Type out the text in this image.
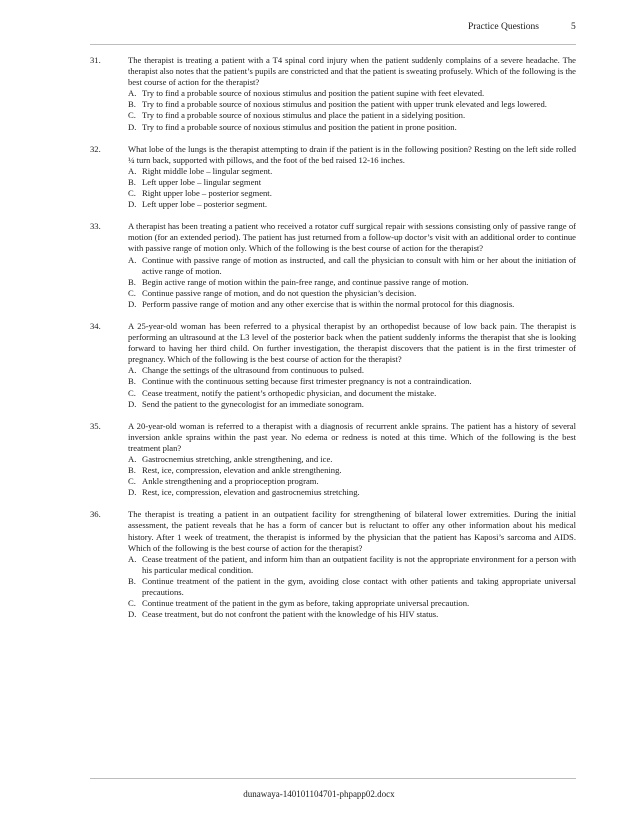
Practice Questions	5
31.	The therapist is treating a patient with a T4 spinal cord injury when the patient suddenly complains of a severe headache. The therapist also notes that the patient’s pupils are constricted and that the patient is sweating profusely. Which of the following is the best course of action for the therapist?

A. Try to find a probable source of noxious stimulus and position the patient supine with feet elevated.
B. Try to find a probable source of noxious stimulus and position the patient with upper trunk elevated and legs lowered.
C. Try to find a probable source of noxious stimulus and place the patient in a sidelying position.
D. Try to find a probable source of noxious stimulus and position the patient in prone position.
32.	What lobe of the lungs is the therapist attempting to drain if the patient is in the following position? Resting on the left side rolled ¼ turn back, supported with pillows, and the foot of the bed raised 12-16 inches.

A. Right middle lobe – lingular segment.
B. Left upper lobe – lingular segment
C. Right upper lobe – posterior segment.
D. Left upper lobe – posterior segment.
33.	A therapist has been treating a patient who received a rotator cuff surgical repair with sessions consisting only of passive range of motion (for an extended period). The patient has just returned from a follow-up doctor’s visit with an additional order to continue with passive range of motion only. Which of the following is the best course of action for the therapist?

A. Continue with passive range of motion as instructed, and call the physician to consult with him or her about the initiation of active range of motion.
B. Begin active range of motion within the pain-free range, and continue passive range of motion.
C. Continue passive range of motion, and do not question the physician’s decision.
D. Perform passive range of motion and any other exercise that is within the normal protocol for this diagnosis.
34.	A 25-year-old woman has been referred to a physical therapist by an orthopedist because of low back pain. The therapist is performing an ultrasound at the L3 level of the posterior back when the patient suddenly informs the therapist that she is looking forward to having her third child. On further investigation, the therapist discovers that the patient is in the first trimester of pregnancy. Which of the following is the best course of action for the therapist?

A. Change the settings of the ultrasound from continuous to pulsed.
B. Continue with the continuous setting because first trimester pregnancy is not a contraindication.
C. Cease treatment, notify the patient’s orthopedic physician, and document the mistake.
D. Send the patient to the gynecologist for an immediate sonogram.
35.	A 20-year-old woman is referred to a therapist with a diagnosis of recurrent ankle sprains. The patient has a history of several inversion ankle sprains within the past year. No edema or redness is noted at this time. Which of the following is the best treatment plan?

A. Gastrocnemius stretching, ankle strengthening, and ice.
B. Rest, ice, compression, elevation and ankle strengthening.
C. Ankle strengthening and a proprioception program.
D. Rest, ice, compression, elevation and gastrocnemius stretching.
36.	The therapist is treating a patient in an outpatient facility for strengthening of bilateral lower extremities. During the initial assessment, the patient reveals that he has a form of cancer but is reluctant to offer any other information about his medical history. After 1 week of treatment, the therapist is informed by the physician that the patient has Kaposi’s sarcoma and AIDS. Which of the following is the best course of action for the therapist?

A. Cease treatment of the patient, and inform him than an outpatient facility is not the appropriate environment for a person with his particular medical condition.
B. Continue treatment of the patient in the gym, avoiding close contact with other patients and taking appropriate universal precautions.
C. Continue treatment of the patient in the gym as before, taking appropriate universal precaution.
D. Cease treatment, but do not confront the patient with the knowledge of his HIV status.
dunawaya-140101104701-phpapp02.docx
